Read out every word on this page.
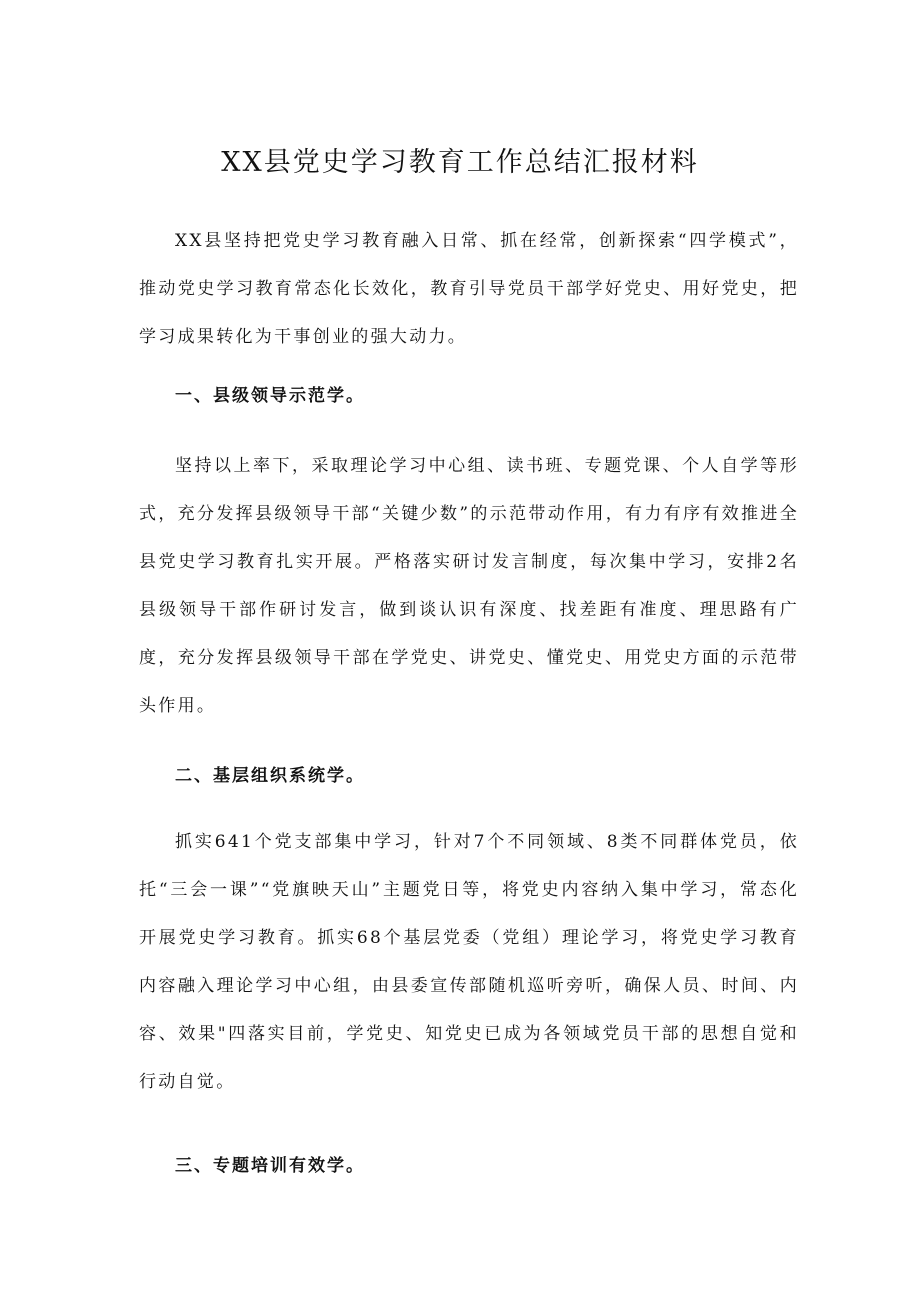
XX县党史学习教育工作总结汇报材料

XX县坚持把党史学习教育融入日常、抓在经常，创新探索“四学模式”，推动党史学习教育常态化长效化，教育引导党员干部学好党史、用好党史，把学习成果转化为干事创业的强大动力。

一、县级领导示范学。

坚持以上率下，采取理论学习中心组、读书班、专题党课、个人自学等形式，充分发挥县级领导干部“关键少数”的示范带动作用，有力有序有效推进全县党史学习教育扎实开展。严格落实研讨发言制度，每次集中学习，安排2名县级领导干部作研讨发言，做到谈认识有深度、找差距有准度、理思路有广度，充分发挥县级领导干部在学党史、讲党史、懂党史、用党史方面的示范带头作用。

二、基层组织系统学。

抓实641个党支部集中学习，针对7个不同领域、8类不同群体党员，依托“三会一课”“党旗映天山”主题党日等，将党史内容纳入集中学习，常态化开展党史学习教育。抓实68个基层党委（党组）理论学习，将党史学习教育内容融入理论学习中心组，由县委宣传部随机巡听旁听，确保人员、时间、内容、效果"四落实目前，学党史、知党史已成为各领域党员干部的思想自觉和行动自觉。

三、专题培训有效学。
